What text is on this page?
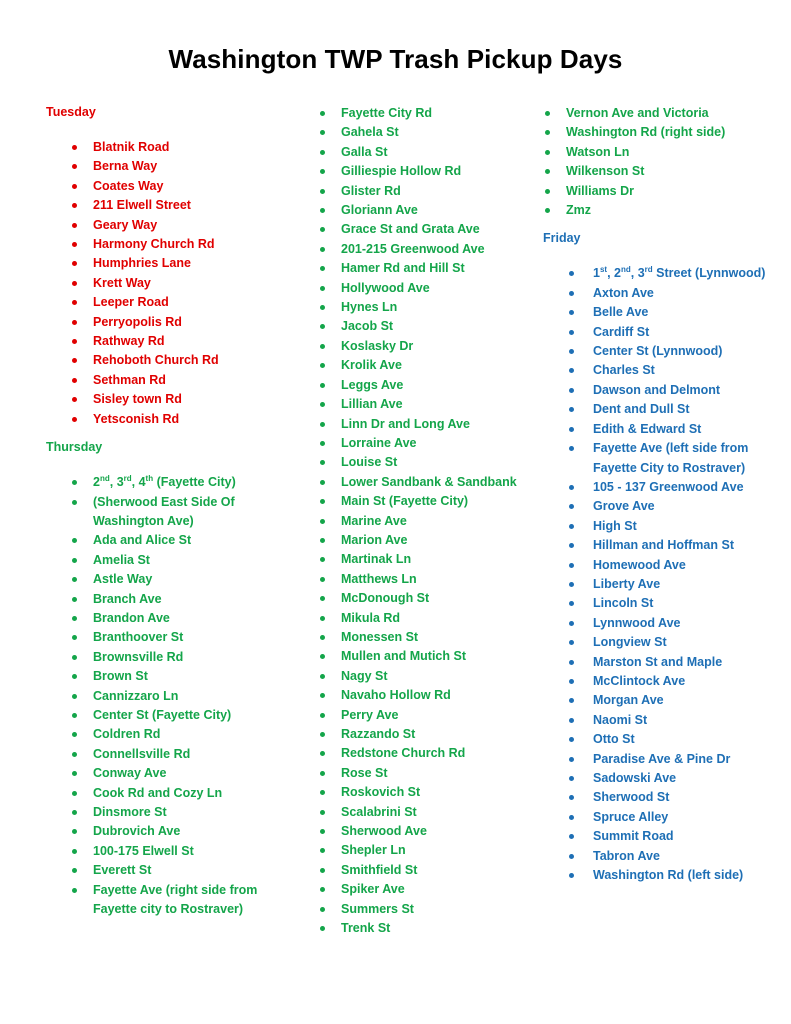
Washington TWP Trash Pickup Days
Tuesday
Blatnik Road
Berna Way
Coates Way
211 Elwell Street
Geary Way
Harmony Church Rd
Humphries Lane
Krett Way
Leeper Road
Perryopolis Rd
Rathway Rd
Rehoboth Church Rd
Sethman Rd
Sisley town Rd
Yetsconish Rd
Thursday
2nd, 3rd, 4th (Fayette City)
(Sherwood East Side Of Washington Ave)
Ada and Alice St
Amelia St
Astle Way
Branch Ave
Brandon Ave
Branthoover St
Brownsville Rd
Brown St
Cannizzaro Ln
Center St (Fayette City)
Coldren Rd
Connellsville Rd
Conway Ave
Cook Rd and Cozy Ln
Dinsmore St
Dubrovich Ave
100-175 Elwell St
Everett St
Fayette Ave (right side from Fayette city to Rostraver)
Fayette City Rd
Gahela St
Galla St
Gilliespie Hollow Rd
Glister Rd
Gloriann Ave
Grace St and Grata Ave
201-215 Greenwood Ave
Hamer Rd and Hill St
Hollywood Ave
Hynes Ln
Jacob St
Koslasky Dr
Krolik Ave
Leggs Ave
Lillian Ave
Linn Dr and Long Ave
Lorraine Ave
Louise St
Lower Sandbank & Sandbank
Main St (Fayette City)
Marine Ave
Marion Ave
Martinak Ln
Matthews Ln
McDonough St
Mikula Rd
Monessen St
Mullen and Mutich St
Nagy St
Navaho Hollow Rd
Perry Ave
Razzando St
Redstone Church Rd
Rose St
Roskovich St
Scalabrini St
Sherwood Ave
Shepler Ln
Smithfield St
Spiker Ave
Summers St
Trenk St
Vernon Ave and Victoria
Washington Rd (right side)
Watson Ln
Wilkenson St
Williams Dr
Zmz
Friday
1st, 2nd, 3rd Street (Lynnwood)
Axton Ave
Belle Ave
Cardiff St
Center St (Lynnwood)
Charles St
Dawson and Delmont
Dent and Dull St
Edith & Edward St
Fayette Ave (left side from Fayette City to Rostraver)
105 - 137 Greenwood Ave
Grove Ave
High St
Hillman and Hoffman St
Homewood Ave
Liberty Ave
Lincoln St
Lynnwood Ave
Longview St
Marston St and Maple
McClintock Ave
Morgan Ave
Naomi St
Otto St
Paradise Ave & Pine Dr
Sadowski Ave
Sherwood St
Spruce Alley
Summit Road
Tabron Ave
Washington Rd (left side)
